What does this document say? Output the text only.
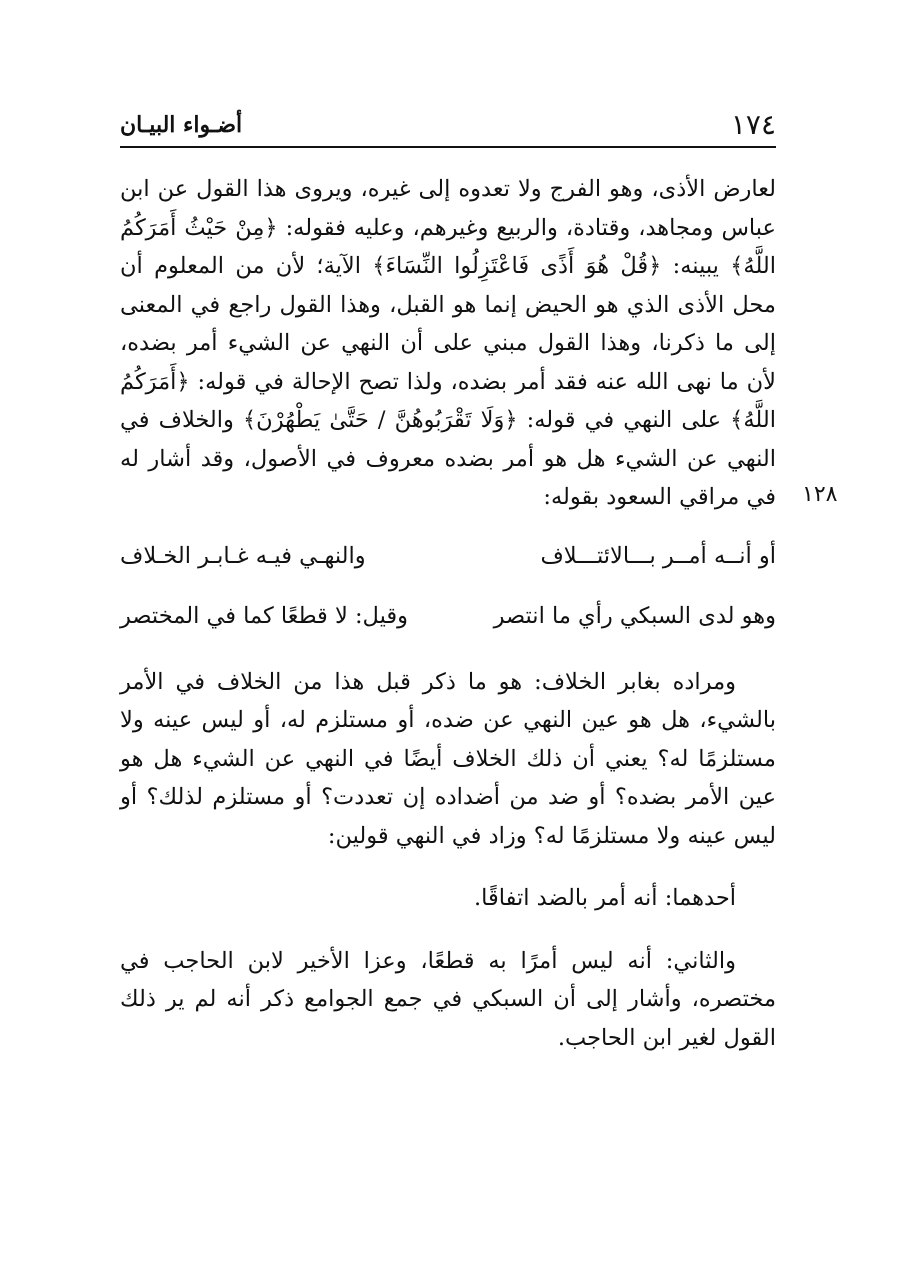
١٧٤
أضـواء البيـان
١٢٨

لعارض الأذى، وهو الفرج ولا تعدوه إلى غيره، ويروى هذا القول عن ابن عباس ومجاهد، وقتادة، والربيع وغيرهم، وعليه فقوله: ﴿مِنْ حَيْثُ أَمَرَكُمُ اللَّهُ﴾ يبينه: ﴿قُلْ هُوَ أَذًى فَاعْتَزِلُوا النِّسَاءَ﴾ الآية؛ لأن من المعلوم أن محل الأذى الذي هو الحيض إنما هو القبل، وهذا القول راجع في المعنى إلى ما ذكرنا، وهذا القول مبني على أن النهي عن الشيء أمر بضده، لأن ما نهى الله عنه فقد أمر بضده، ولذا تصح الإحالة في قوله: ﴿أَمَرَكُمُ اللَّهُ﴾ على النهي في قوله: ﴿وَلَا تَقْرَبُوهُنَّ / حَتَّىٰ يَطْهُرْنَ﴾ والخلاف في النهي عن الشيء هل هو أمر بضده معروف في الأصول، وقد أشار له في مراقي السعود بقوله:

والنهـي فيـه غـابـر الخـلاف	أو أنــه أمــر بـــالائتـــلاف
وقيل: لا قطعًا كما في المختصر	وهو لدى السبكي رأي ما انتصر

ومراده بغابر الخلاف: هو ما ذكر قبل هذا من الخلاف في الأمر بالشيء، هل هو عين النهي عن ضده، أو مستلزم له، أو ليس عينه ولا مستلزمًا له؟ يعني أن ذلك الخلاف أيضًا في النهي عن الشيء هل هو عين الأمر بضده؟ أو ضد من أضداده إن تعددت؟ أو مستلزم لذلك؟ أو ليس عينه ولا مستلزمًا له؟ وزاد في النهي قولين:

أحدهما: أنه أمر بالضد اتفاقًا.

والثاني: أنه ليس أمرًا به قطعًا، وعزا الأخير لابن الحاجب في مختصره، وأشار إلى أن السبكي في جمع الجوامع ذكر أنه لم ير ذلك القول لغير ابن الحاجب.
